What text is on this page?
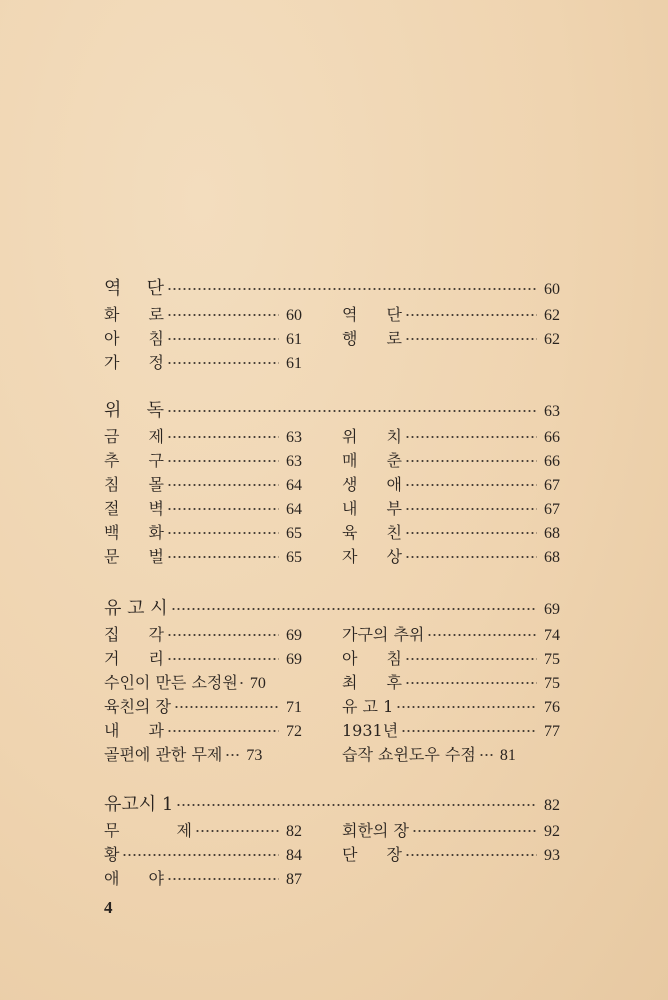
역 단	60
화 로	60
아 침	61
가 정	61
역 단	62
행 로	62
위 독	63
금 제	63
추 구	63
침 몰	64
절 벽	64
백 화	65
문 벌	65
위 치	66
매 춘	66
생 애	67
내 부	67
육 친	68
자 상	68
유 고 시	69
집 각	69
거 리	69
수인이 만든 소정원 70
육친의 장	71
내 과	72
골편에 관한 무제 73
가구의 추위	74
아 침	75
최 후	75
유 고 1	76
1931년	77
습작 쇼윈도우 수점 81
유고시 1	82
무	제	82
황	84
애 야	87
회한의 장	92
단 장	93
4
